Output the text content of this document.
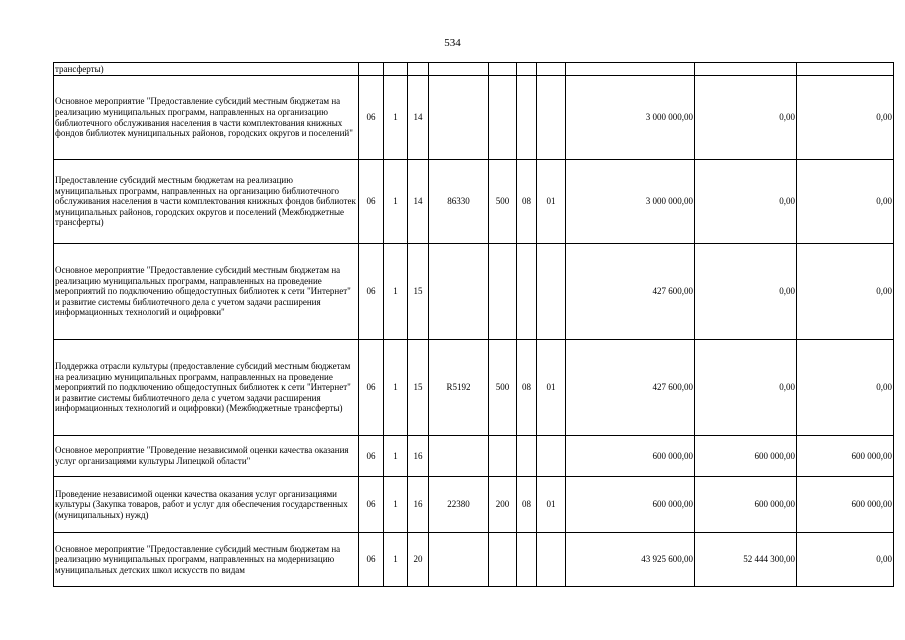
534
трансферты)										
Основное мероприятие "Предоставление субсидий местным бюджетам на реализацию муниципальных программ, направленных на организацию библиотечного обслуживания населения в части комплектования книжных фондов библиотек муниципальных районов, городских округов и поселений"	06	1	14					3 000 000,00	0,00	0,00
Предоставление субсидий местным бюджетам на реализацию муниципальных программ, направленных на организацию библиотечного обслуживания населения в части комплектования книжных фондов библиотек муниципальных районов, городских округов и поселений (Межбюджетные трансферты)	06	1	14	86330	500	08	01	3 000 000,00	0,00	0,00
Основное мероприятие "Предоставление субсидий местным бюджетам на реализацию муниципальных программ, направленных на проведение мероприятий по подключению общедоступных библиотек к сети "Интернет" и развитие системы библиотечного дела с учетом задачи расширения информационных технологий и оцифровки"	06	1	15					427 600,00	0,00	0,00
Поддержка отрасли культуры (предоставление субсидий местным бюджетам на реализацию муниципальных программ, направленных на проведение мероприятий по подключению общедоступных библиотек к сети "Интернет" и развитие системы библиотечного дела с учетом задачи расширения информационных технологий и оцифровки) (Межбюджетные трансферты)	06	1	15	R5192	500	08	01	427 600,00	0,00	0,00
Основное мероприятие "Проведение независимой оценки качества оказания услуг организациями культуры Липецкой области"	06	1	16					600 000,00	600 000,00	600 000,00
Проведение независимой оценки качества оказания услуг организациями культуры (Закупка товаров, работ и услуг для обеспечения государственных (муниципальных) нужд)	06	1	16	22380	200	08	01	600 000,00	600 000,00	600 000,00
Основное мероприятие "Предоставление субсидий местным бюджетам на реализацию муниципальных программ, направленных на модернизацию муниципальных детских школ искусств по видам	06	1	20					43 925 600,00	52 444 300,00	0,00
